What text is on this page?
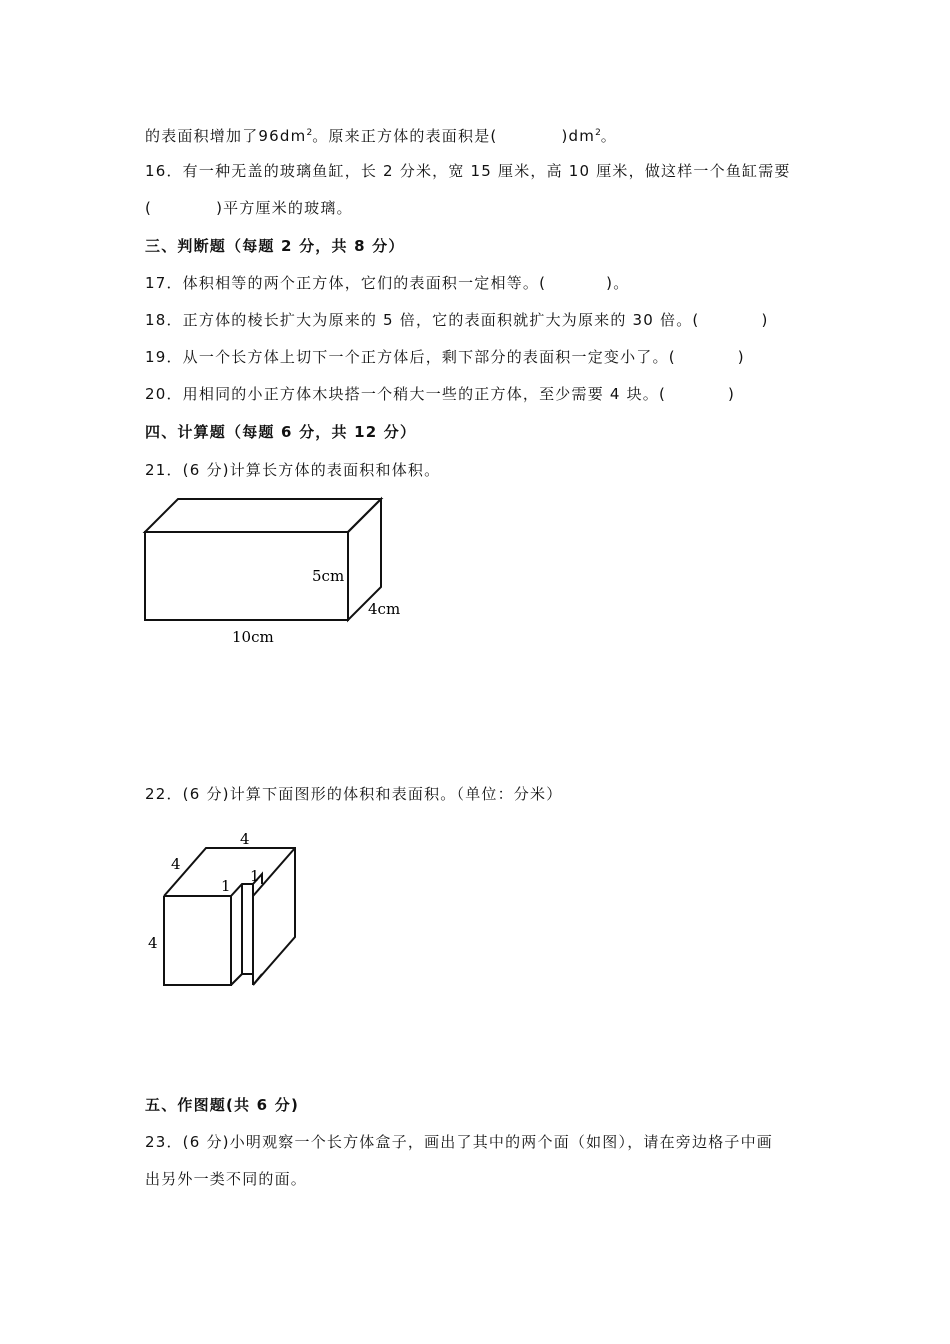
的表面积增加了$96dm^2$。原来正方体的表面积是(	)$dm^2$。
16．有一种无盖的玻璃鱼缸，长 2 分米，宽 15 厘米，高 10 厘米，做这样一个鱼缸需要
(	)平方厘米的玻璃。
三、判断题（每题 2 分，共 8 分）
17．体积相等的两个正方体，它们的表面积一定相等。(	)。
18．正方体的棱长扩大为原来的 5 倍，它的表面积就扩大为原来的 30 倍。(	)
19．从一个长方体上切下一个正方体后，剩下部分的表面积一定变小了。(	)
20．用相同的小正方体木块搭一个稍大一些的正方体，至少需要 4 块。(	)
四、计算题（每题 6 分，共 12 分）
21．(6 分)计算长方体的表面积和体积。
5cm
4cm
10cm
22．(6 分)计算下面图形的体积和表面积。（单位：分米）
4
4
4
1
1
五、作图题(共 6 分)
23．(6 分)小明观察一个长方体盒子，画出了其中的两个面（如图），请在旁边格子中画
出另外一类不同的面。
